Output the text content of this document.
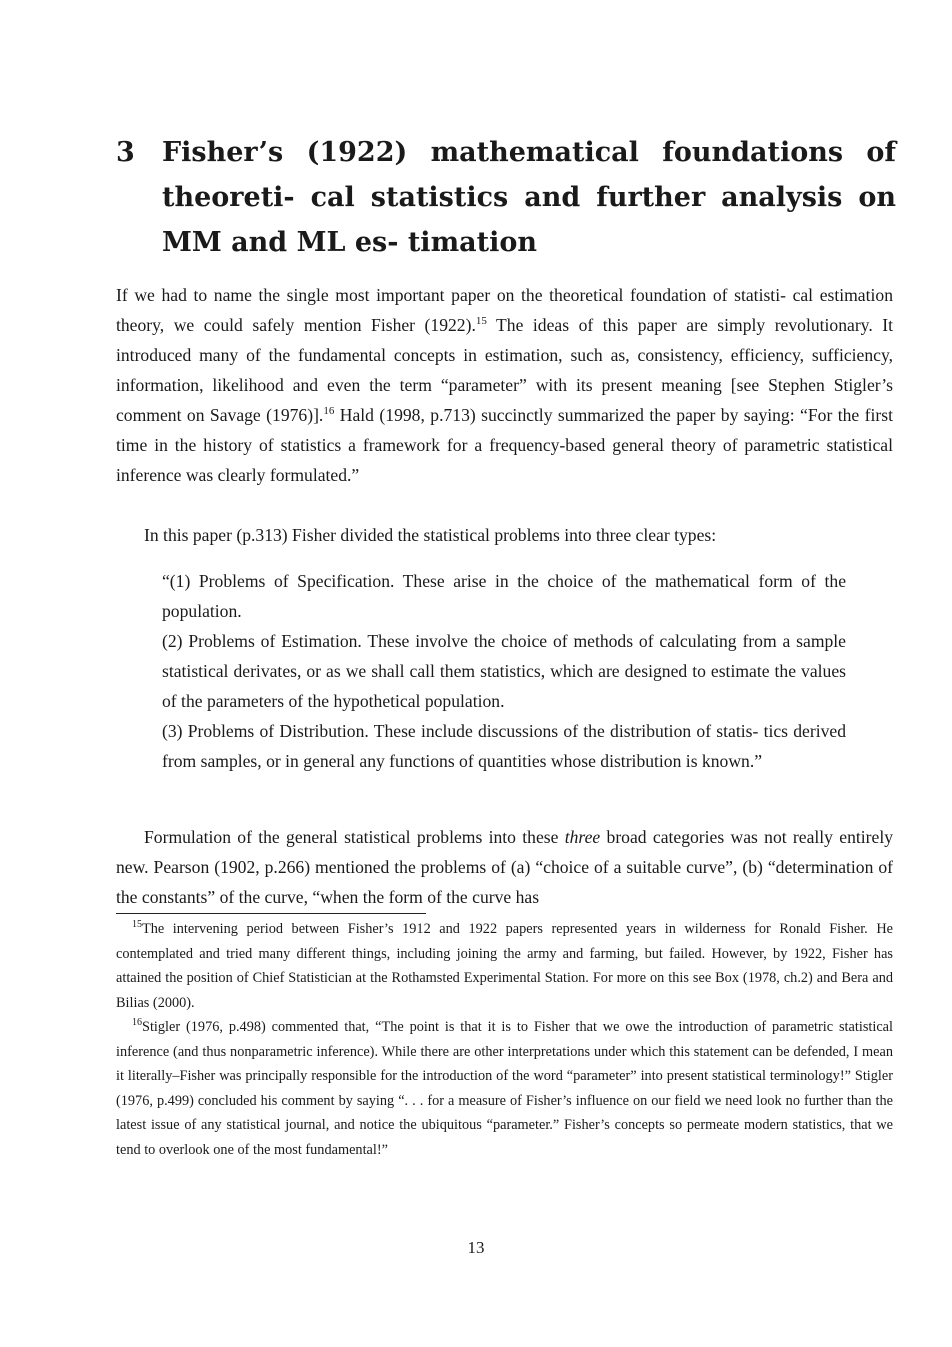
3	Fisher’s (1922) mathematical foundations of theoreti- cal statistics and further analysis on MM and ML es- timation

If we had to name the single most important paper on the theoretical foundation of statisti- cal estimation theory, we could safely mention Fisher (1922).$^{15}$ The ideas of this paper are simply revolutionary. It introduced many of the fundamental concepts in estimation, such as, consistency, efficiency, sufficiency, information, likelihood and even the term “parameter” with its present meaning [see Stephen Stigler’s comment on Savage (1976)].$^{16}$ Hald (1998, p.713) succinctly summarized the paper by saying: “For the first time in the history of statistics a framework for a frequency-based general theory of parametric statistical inference was clearly formulated.”

In this paper (p.313) Fisher divided the statistical problems into three clear types:

“(1) Problems of Specification. These arise in the choice of the mathematical form of the population.

(2) Problems of Estimation. These involve the choice of methods of calculating from a sample statistical derivates, or as we shall call them statistics, which are designed to estimate the values of the parameters of the hypothetical population.

(3) Problems of Distribution. These include discussions of the distribution of statis- tics derived from samples, or in general any functions of quantities whose distribution is known.”

Formulation of the general statistical problems into these three broad categories was not really entirely new. Pearson (1902, p.266) mentioned the problems of (a) “choice of a suitable curve”, (b) “determination of the constants” of the curve, “when the form of the curve has

$^{15}$The intervening period between Fisher’s 1912 and 1922 papers represented years in wilderness for Ronald Fisher. He contemplated and tried many different things, including joining the army and farming, but failed. However, by 1922, Fisher has attained the position of Chief Statistician at the Rothamsted Experimental Station. For more on this see Box (1978, ch.2) and Bera and Bilias (2000).

$^{16}$Stigler (1976, p.498) commented that, “The point is that it is to Fisher that we owe the introduction of parametric statistical inference (and thus nonparametric inference). While there are other interpretations under which this statement can be defended, I mean it literally–Fisher was principally responsible for the introduction of the word “parameter” into present statistical terminology!” Stigler (1976, p.499) concluded his comment by saying “. . . for a measure of Fisher’s influence on our field we need look no further than the latest issue of any statistical journal, and notice the ubiquitous “parameter.” Fisher’s concepts so permeate modern statistics, that we tend to overlook one of the most fundamental!”

13
